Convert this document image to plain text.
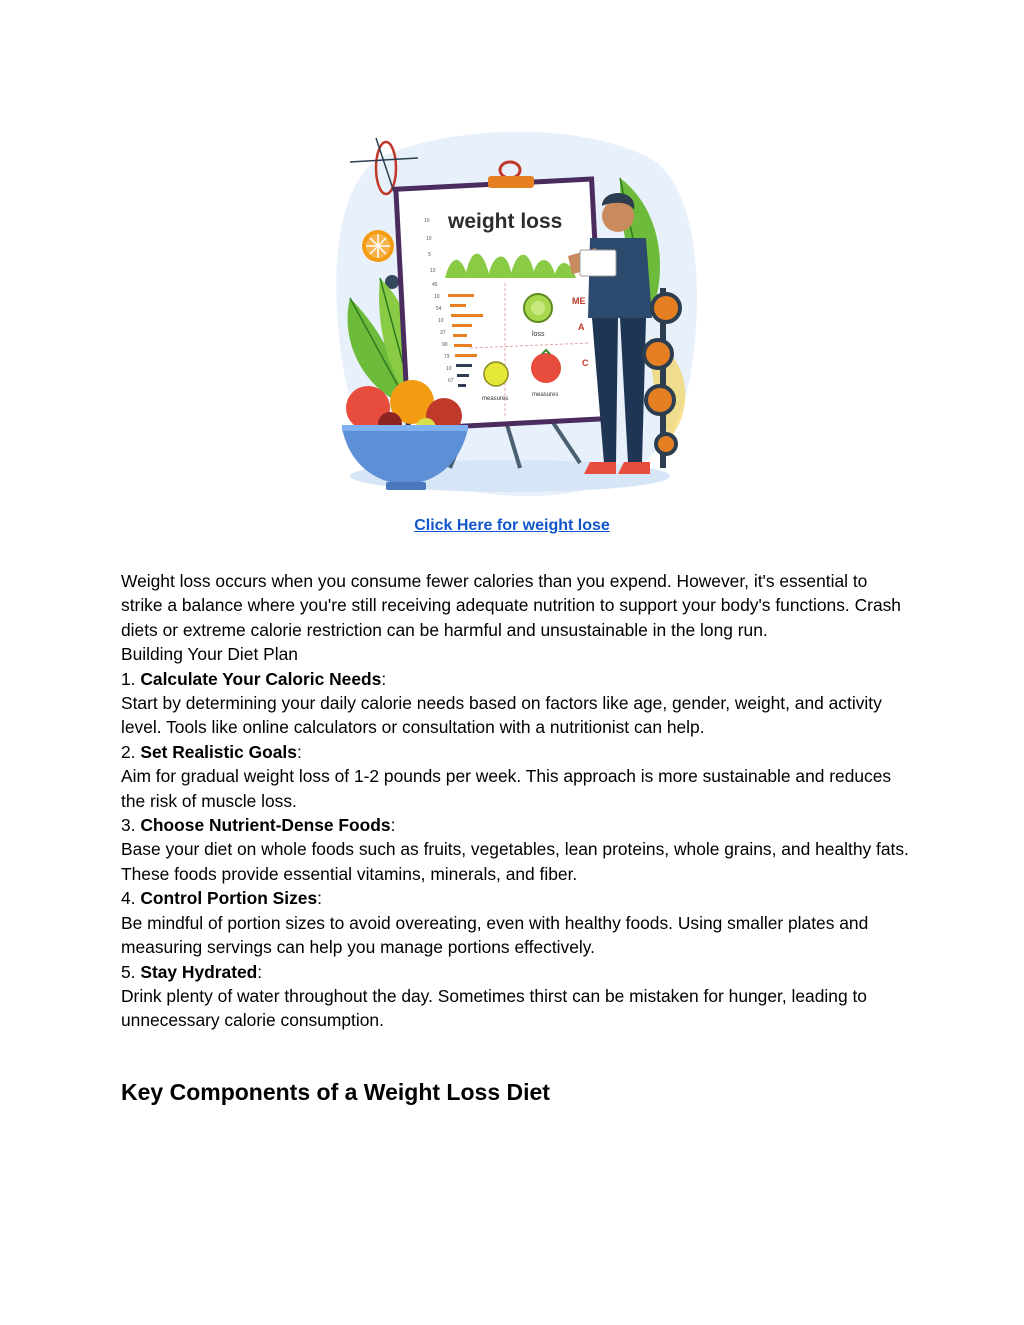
weight loss
10
10
5
10
45
10
54
10
37
90
73
10
67
loss
measures
measures
ME
A
C
Click Here for weight lose

Weight loss occurs when you consume fewer calories than you expend. However, it's essential to strike a balance where you're still receiving adequate nutrition to support your body's functions. Crash diets or extreme calorie restriction can be harmful and unsustainable in the long run.

Building Your Diet Plan

1. Calculate Your Caloric Needs:

Start by determining your daily calorie needs based on factors like age, gender, weight, and activity level. Tools like online calculators or consultation with a nutritionist can help.

2. Set Realistic Goals:

Aim for gradual weight loss of 1-2 pounds per week. This approach is more sustainable and reduces the risk of muscle loss.

3. Choose Nutrient-Dense Foods:

Base your diet on whole foods such as fruits, vegetables, lean proteins, whole grains, and healthy fats. These foods provide essential vitamins, minerals, and fiber.

4. Control Portion Sizes:

Be mindful of portion sizes to avoid overeating, even with healthy foods. Using smaller plates and measuring servings can help you manage portions effectively.

5. Stay Hydrated:

Drink plenty of water throughout the day. Sometimes thirst can be mistaken for hunger, leading to unnecessary calorie consumption.

Key Components of a Weight Loss Diet
